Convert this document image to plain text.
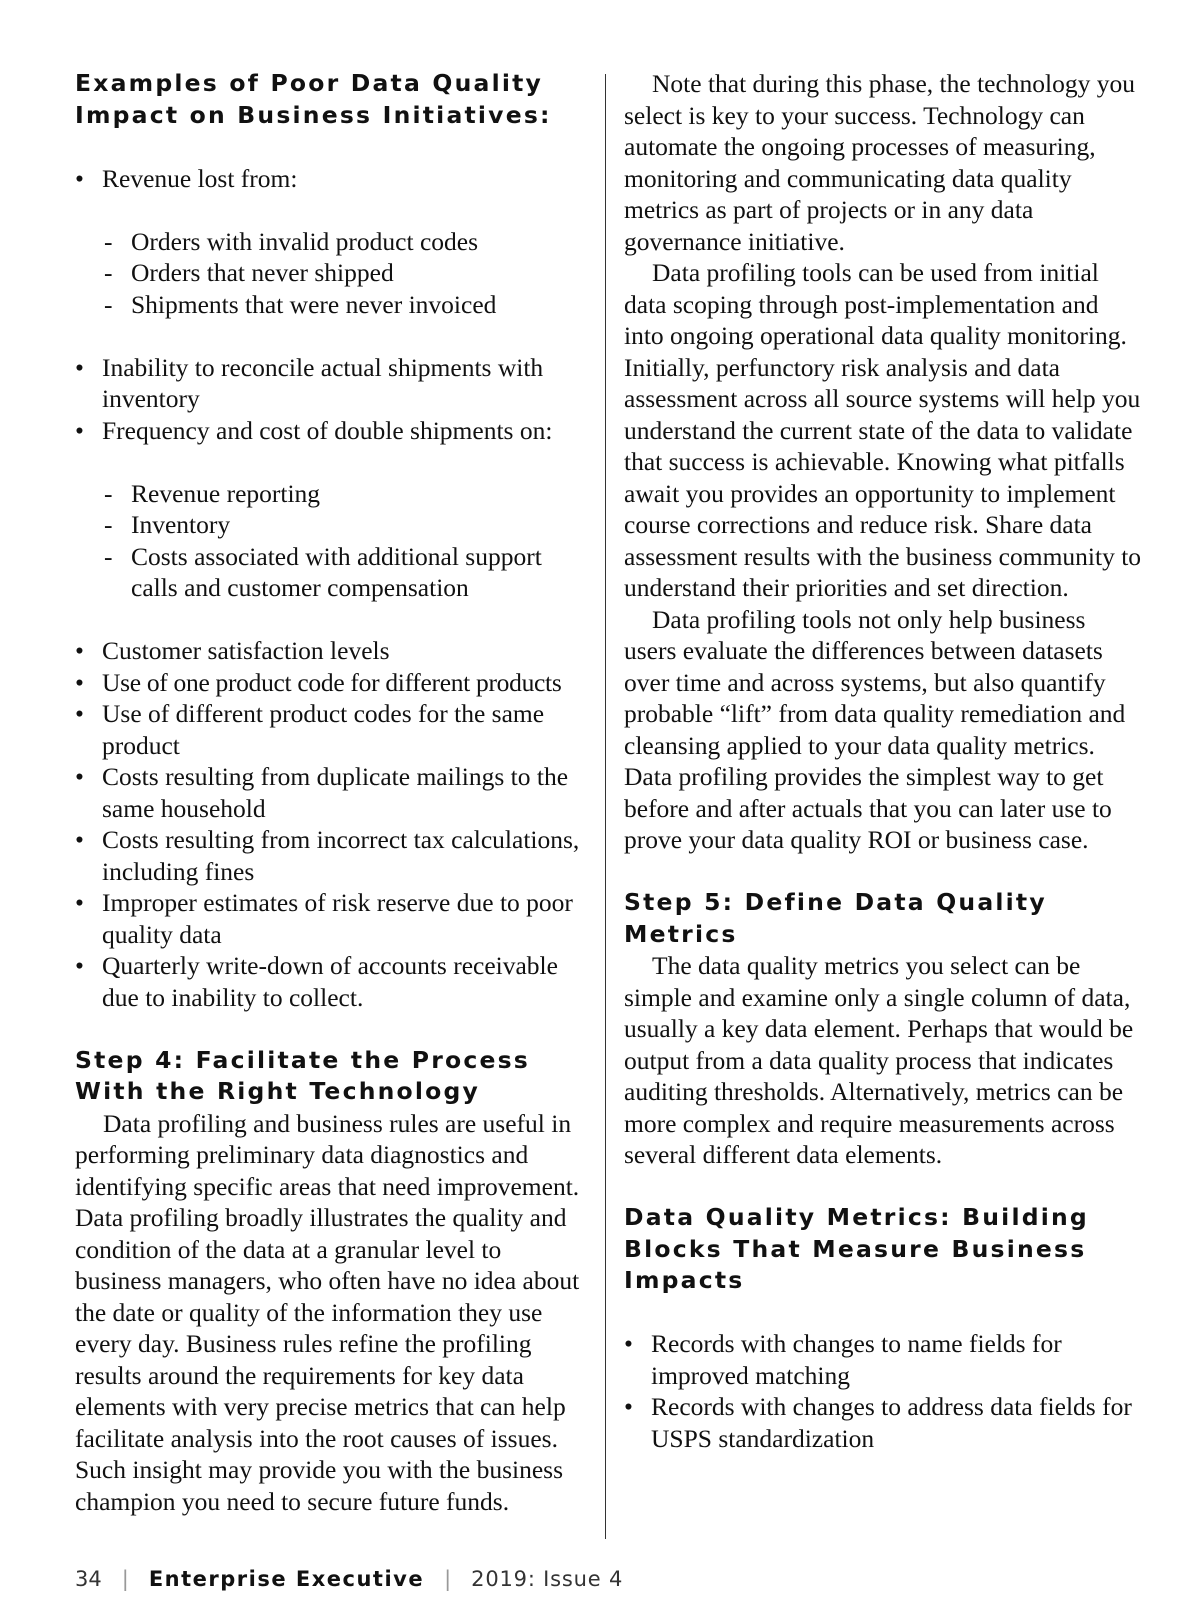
Examples of Poor Data Quality Impact on Business Initiatives:
• Revenue lost from:
- Orders with invalid product codes
- Orders that never shipped
- Shipments that were never invoiced
• Inability to reconcile actual shipments with inventory
• Frequency and cost of double shipments on:
- Revenue reporting
- Inventory
- Costs associated with additional support calls and customer compensation
• Customer satisfaction levels
• Use of one product code for different products
• Use of different product codes for the same product
• Costs resulting from duplicate mailings to the same household
• Costs resulting from incorrect tax calculations, including fines
• Improper estimates of risk reserve due to poor quality data
• Quarterly write-down of accounts receivable due to inability to collect.
Step 4: Facilitate the Process With the Right Technology

Data profiling and business rules are useful in performing preliminary data diagnostics and identifying specific areas that need improvement. Data profiling broadly illustrates the quality and condition of the data at a granular level to business managers, who often have no idea about the date or quality of the information they use every day. Business rules refine the profiling results around the requirements for key data elements with very precise metrics that can help facilitate analysis into the root causes of issues. Such insight may provide you with the business champion you need to secure future funds.

Note that during this phase, the technology you select is key to your success. Technology can automate the ongoing processes of measuring, monitoring and communicating data quality metrics as part of projects or in any data governance initiative.

Data profiling tools can be used from initial data scoping through post-implementation and into ongoing operational data quality monitoring. Initially, perfunctory risk analysis and data assessment across all source systems will help you understand the current state of the data to validate that success is achievable. Knowing what pitfalls await you provides an opportunity to implement course corrections and reduce risk. Share data assessment results with the business community to understand their priorities and set direction.

Data profiling tools not only help business users evaluate the differences between datasets over time and across systems, but also quantify probable “lift” from data quality remediation and cleansing applied to your data quality metrics. Data profiling provides the simplest way to get before and after actuals that you can later use to prove your data quality ROI or business case.

Step 5: Define Data Quality Metrics

The data quality metrics you select can be simple and examine only a single column of data, usually a key data element. Perhaps that would be output from a data quality process that indicates auditing thresholds. Alternatively, metrics can be more complex and require measurements across several different data elements.

Data Quality Metrics: Building Blocks That Measure Business Impacts
• Records with changes to name fields for improved matching
• Records with changes to address data fields for USPS standardization
34 | Enterprise Executive | 2019: Issue 4
